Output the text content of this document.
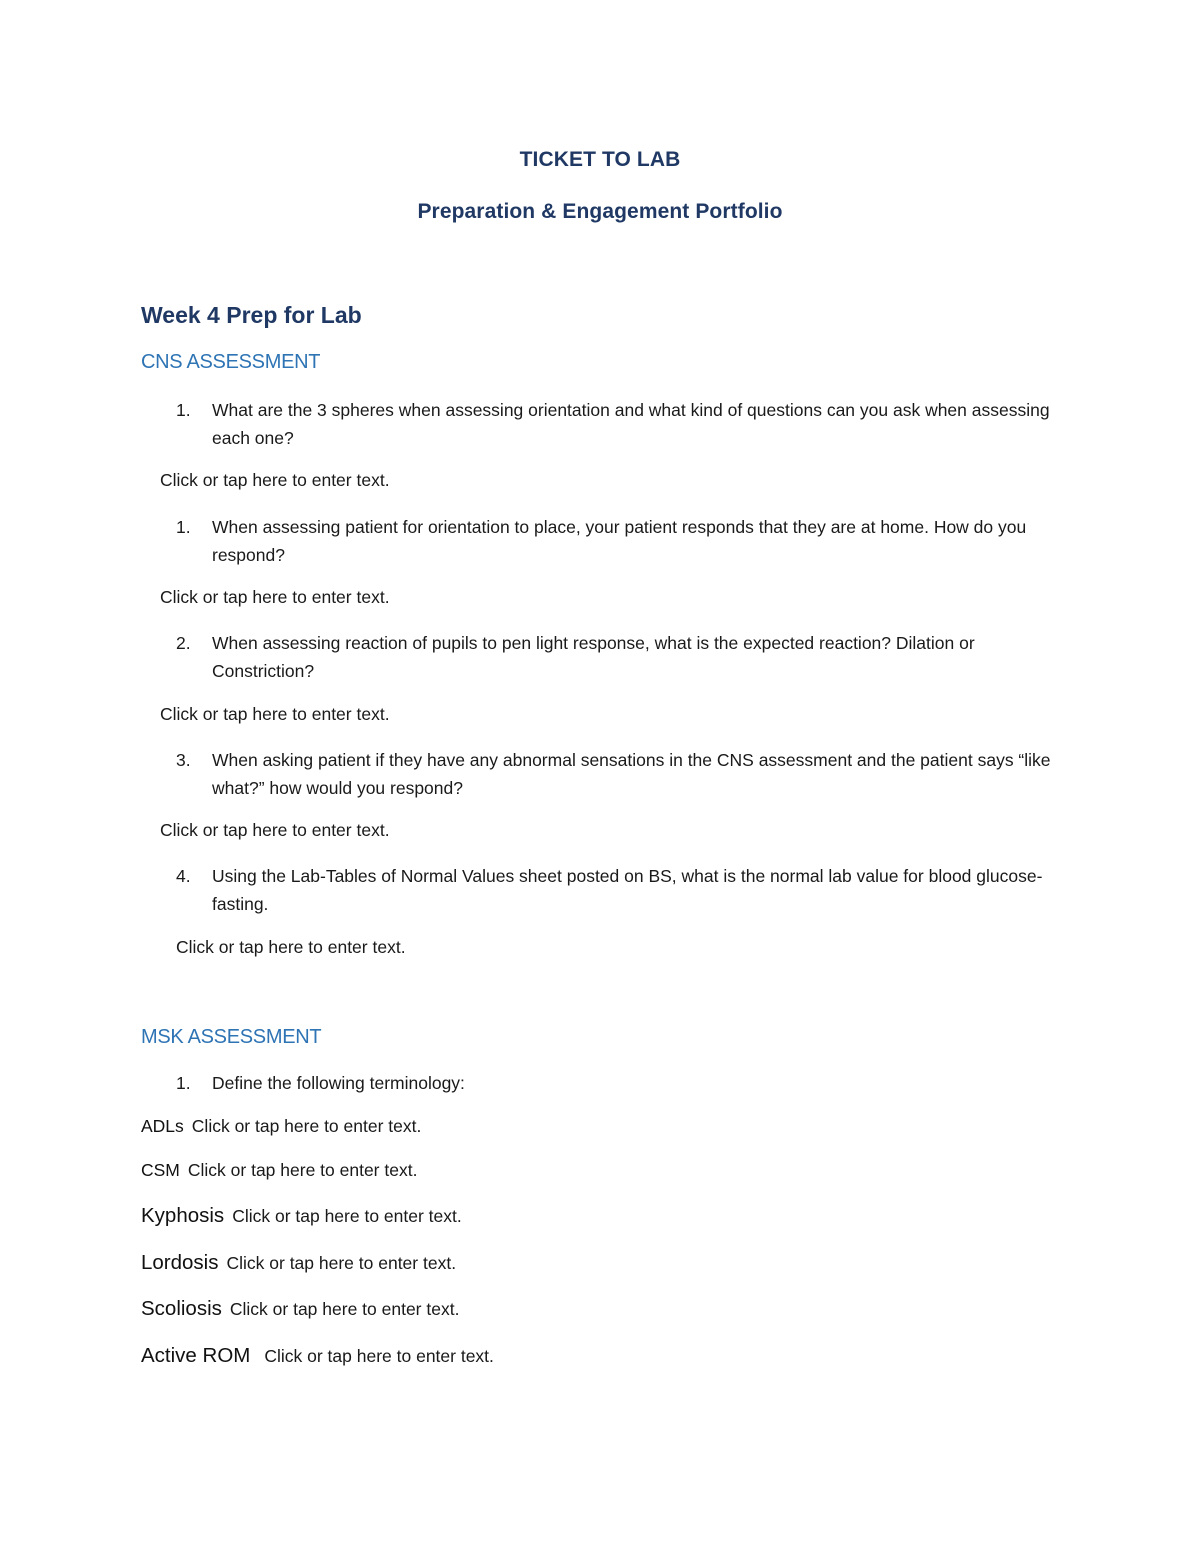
TICKET TO LAB
Preparation & Engagement Portfolio
Week 4 Prep for Lab
CNS ASSESSMENT
1.	What are the 3 spheres when assessing orientation and what kind of questions can you ask when assessing each one?
Click or tap here to enter text.
1.	When assessing patient for orientation to place, your patient responds that they are at home. How do you respond?
Click or tap here to enter text.
2.	When assessing reaction of pupils to pen light response, what is the expected reaction? Dilation or Constriction?
Click or tap here to enter text.
3.	When asking patient if they have any abnormal sensations in the CNS assessment and the patient says “like what?” how would you respond?
Click or tap here to enter text.
4.	Using the Lab-Tables of Normal Values sheet posted on BS, what is the normal lab value for blood glucose-fasting.
Click or tap here to enter text.
MSK ASSESSMENT
1.	Define the following terminology:
ADLs Click or tap here to enter text.
CSM Click or tap here to enter text.
Kyphosis Click or tap here to enter text.
Lordosis Click or tap here to enter text.
Scoliosis Click or tap here to enter text.
Active ROM Click or tap here to enter text.
